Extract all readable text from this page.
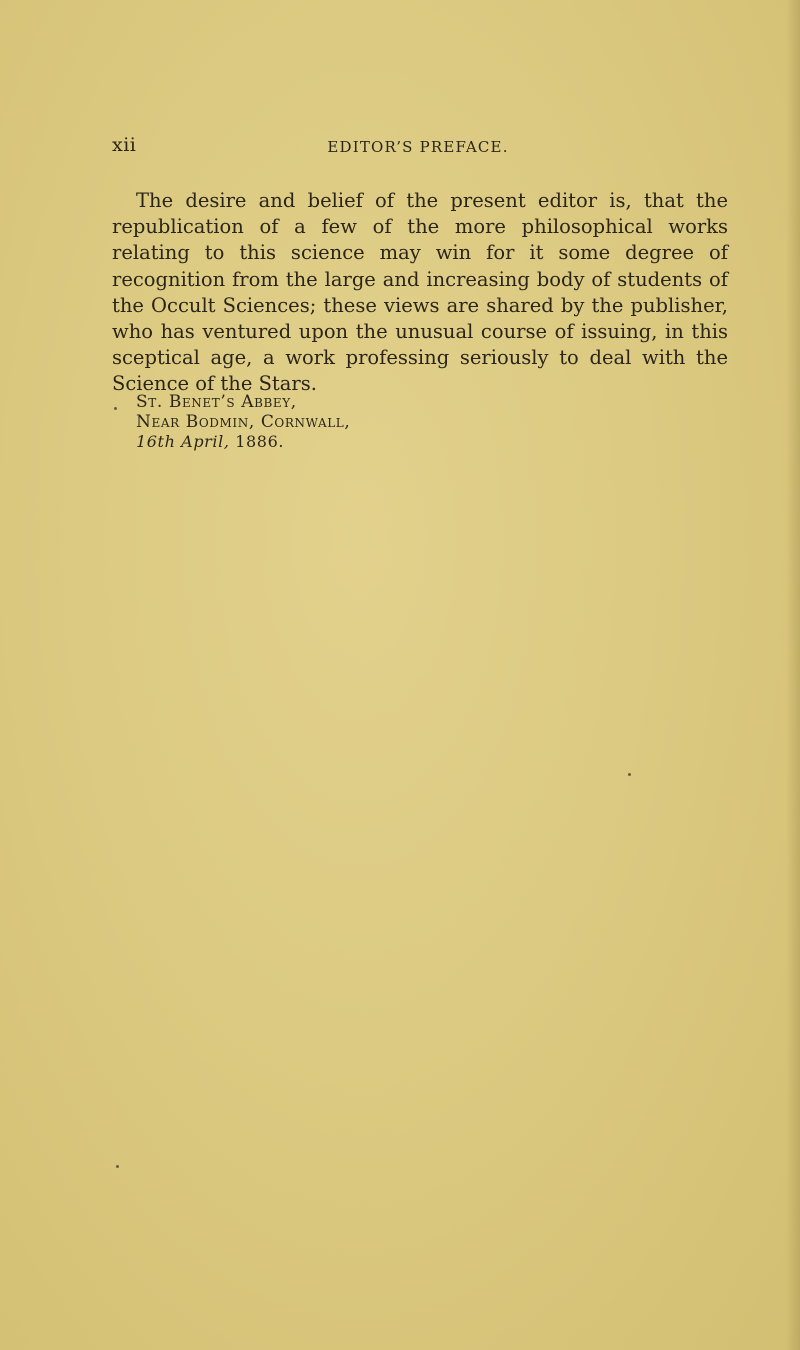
xii	EDITOR’S PREFACE.

The desire and belief of the present editor is, that the republication of a few of the more philosophical works relating to this science may win for it some degree of recognition from the large and increasing body of students of the Occult Sciences; these views are shared by the publisher, who has ventured upon the unusual course of issuing, in this sceptical age, a work professing seriously to deal with the Science of the Stars.

St. Benet’s Abbey,
Near Bodmin, Cornwall,
16th April, 1886.
